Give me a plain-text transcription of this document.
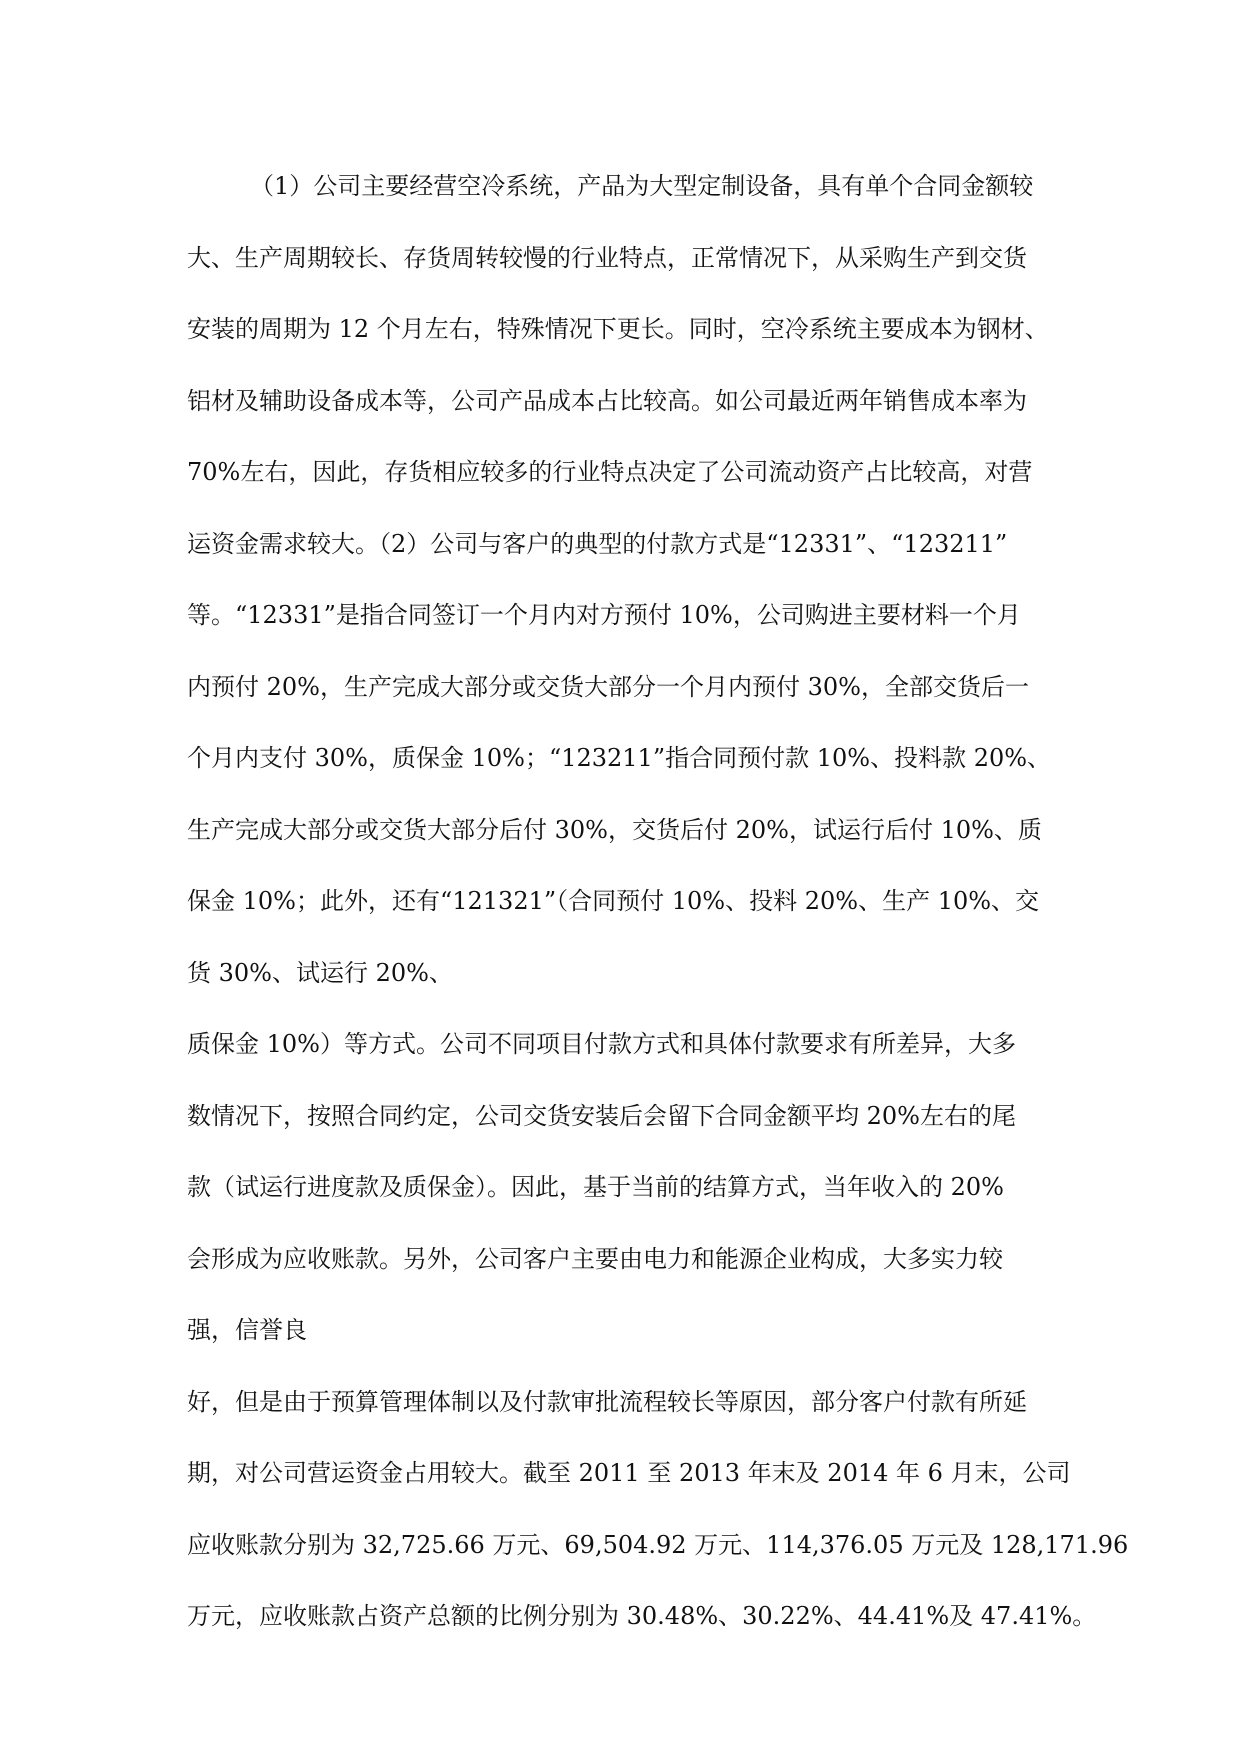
（1）公司主要经营空冷系统，产品为大型定制设备，具有单个合同金额较
大、生产周期较长、存货周转较慢的行业特点，正常情况下，从采购生产到交货
安装的周期为 12 个月左右，特殊情况下更长。同时，空冷系统主要成本为钢材、
铝材及辅助设备成本等，公司产品成本占比较高。如公司最近两年销售成本率为
70%左右，因此，存货相应较多的行业特点决定了公司流动资产占比较高，对营
运资金需求较大。（2）公司与客户的典型的付款方式是“12331”、“123211”
等。“12331”是指合同签订一个月内对方预付 10%，公司购进主要材料一个月
内预付 20%，生产完成大部分或交货大部分一个月内预付 30%，全部交货后一
个月内支付 30%，质保金 10%；“123211”指合同预付款 10%、投料款 20%、
生产完成大部分或交货大部分后付 30%，交货后付 20%，试运行后付 10%、质
保金 10%；此外，还有“121321”（合同预付 10%、投料 20%、生产 10%、交
货 30%、试运行 20%、
质保金 10%）等方式。公司不同项目付款方式和具体付款要求有所差异，大多
数情况下，按照合同约定，公司交货安装后会留下合同金额平均 20%左右的尾
款（试运行进度款及质保金）。因此，基于当前的结算方式，当年收入的 20%
会形成为应收账款。另外，公司客户主要由电力和能源企业构成，大多实力较
强，信誉良
好，但是由于预算管理体制以及付款审批流程较长等原因，部分客户付款有所延
期，对公司营运资金占用较大。截至 2011 至 2013 年末及 2014 年 6 月末，公司
应收账款分别为 32,725.66 万元、69,504.92 万元、114,376.05 万元及 128,171.96
万元，应收账款占资产总额的比例分别为 30.48%、30.22%、44.41%及 47.41%。
